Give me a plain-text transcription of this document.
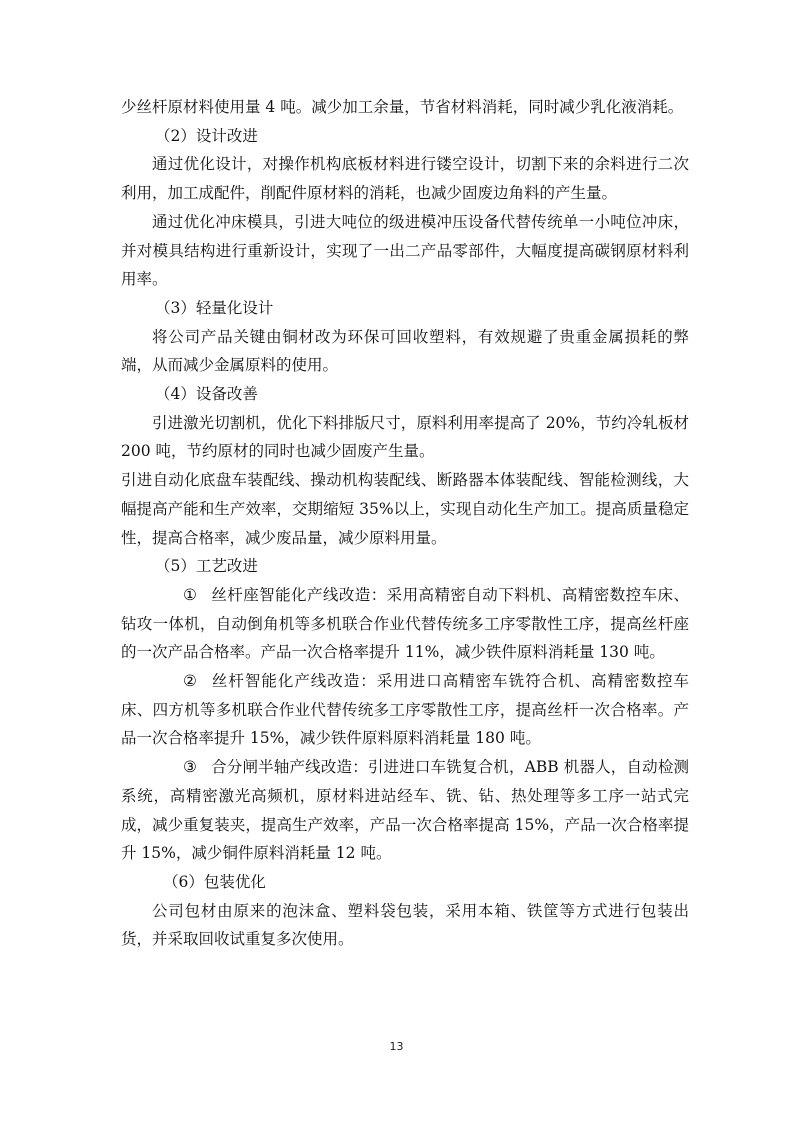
少丝杆原材料使用量 4 吨。减少加工余量，节省材料消耗，同时减少乳化液消耗。

（2）设计改进

通过优化设计，对操作机构底板材料进行镂空设计，切割下来的余料进行二次利用，加工成配件，削配件原材料的消耗，也减少固废边角料的产生量。

通过优化冲床模具，引进大吨位的级进模冲压设备代替传统单一小吨位冲床，并对模具结构进行重新设计，实现了一出二产品零部件，大幅度提高碳钢原材料利用率。

（3）轻量化设计

将公司产品关键由铜材改为环保可回收塑料，有效规避了贵重金属损耗的弊端，从而减少金属原料的使用。

（4）设备改善

引进激光切割机，优化下料排版尺寸，原料利用率提高了 20%，节约冷轧板材 200 吨，节约原材的同时也减少固废产生量。

引进自动化底盘车装配线、操动机构装配线、断路器本体装配线、智能检测线，大幅提高产能和生产效率，交期缩短 35%以上，实现自动化生产加工。提高质量稳定性，提高合格率，减少废品量，减少原料用量。

（5）工艺改进

① 丝杆座智能化产线改造：采用高精密自动下料机、高精密数控车床、钻攻一体机，自动倒角机等多机联合作业代替传统多工序零散性工序，提高丝杆座的一次产品合格率。产品一次合格率提升 11%，减少铁件原料消耗量 130 吨。

② 丝杆智能化产线改造：采用进口高精密车铣符合机、高精密数控车床、四方机等多机联合作业代替传统多工序零散性工序，提高丝杆一次合格率。产品一次合格率提升 15%，减少铁件原料原料消耗量 180 吨。

③ 合分闸半轴产线改造：引进进口车铣复合机，ABB 机器人，自动检测系统，高精密激光高频机，原材料进站经车、铣、钻、热处理等多工序一站式完成，减少重复装夹，提高生产效率，产品一次合格率提高 15%，产品一次合格率提升 15%，减少铜件原料消耗量 12 吨。

（6）包装优化

公司包材由原来的泡沫盒、塑料袋包装，采用本箱、铁筐等方式进行包装出货，并采取回收试重复多次使用。

13
